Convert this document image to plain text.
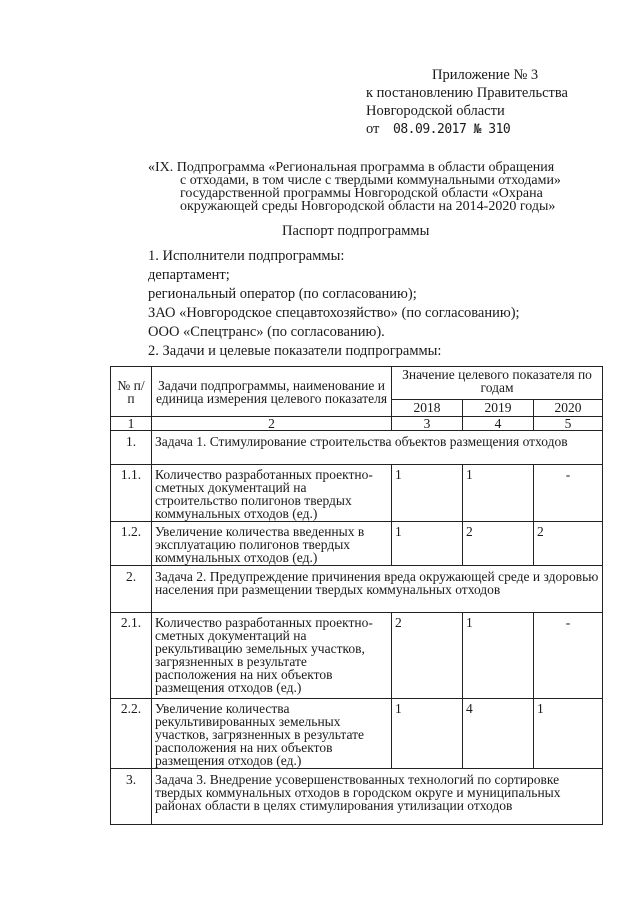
Приложение № 3
к постановлению Правительства
Новгородской области
от 08.09.2017 № 310
«IX. Подпрограмма «Региональная программа в области обращения
с отходами, в том числе с твердыми коммунальными отходами»
государственной программы Новгородской области «Охрана
окружающей среды Новгородской области на 2014-2020 годы»
Паспорт подпрограммы
1. Исполнители подпрограммы:
департамент;
региональный оператор (по согласованию);
ЗАО «Новгородское спецавтохозяйство» (по согласованию);
ООО «Спецтранс» (по согласованию).
2. Задачи и целевые показатели подпрограммы:
№ п/п	Задачи подпрограммы, наименование и единица измерения целевого показателя	Значение целевого показателя по годам		
		2018	2019	2020
1	2	3	4	5
1.	Задача 1. Стимулирование строительства объектов размещения отходов			
1.1.	Количество разработанных проектно-сметных документаций на строительство полигонов твердых коммунальных отходов (ед.)	1	1	-
1.2.	Увеличение количества введенных в эксплуатацию полигонов твердых коммунальных отходов (ед.)	1	2	2
2.	Задача 2. Предупреждение причинения вреда окружающей среде и здоровью населения при размещении твердых коммунальных отходов			
2.1.	Количество разработанных проектно-сметных документаций на рекультивацию земельных участков, загрязненных в результате расположения на них объектов размещения отходов (ед.)	2	1	-
2.2.	Увеличение количества рекультивированных земельных участков, загрязненных в результате расположения на них объектов размещения отходов (ед.)	1	4	1
3.	Задача 3. Внедрение усовершенствованных технологий по сортировке твердых коммунальных отходов в городском округе и муниципальных районах области в целях стимулирования утилизации отходов			
